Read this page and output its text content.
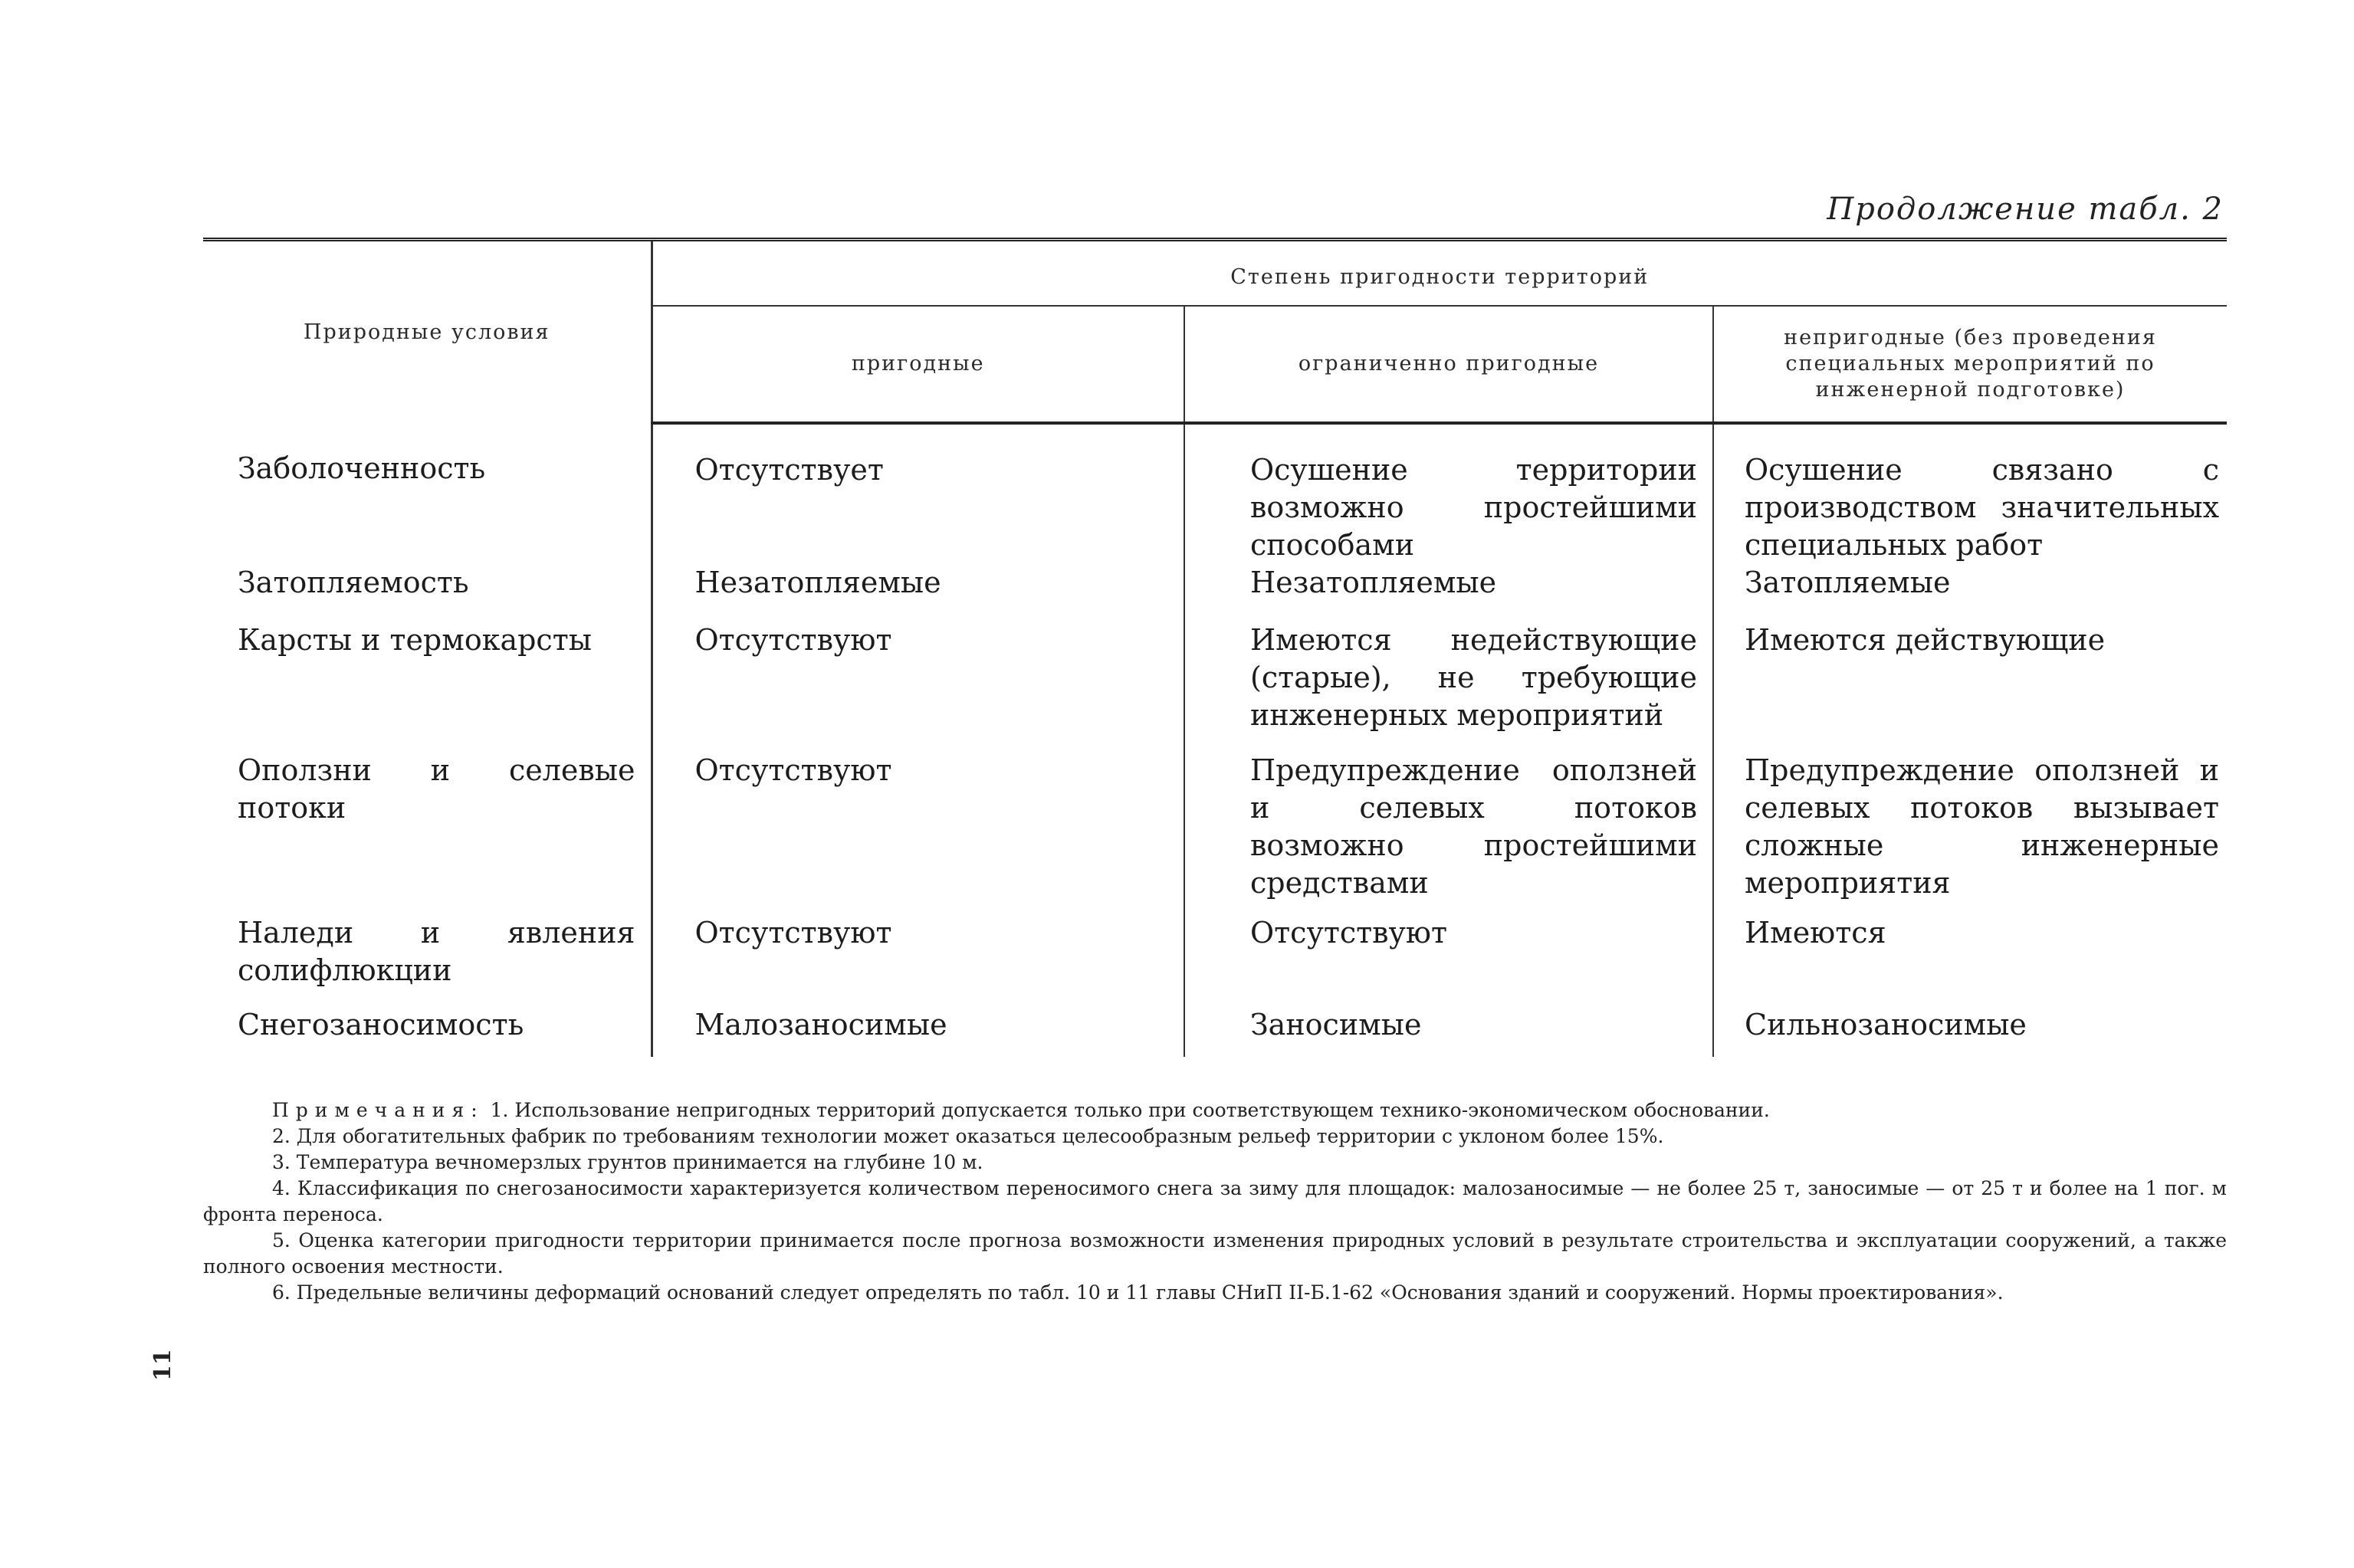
Продолжение табл. 2
Природные условия	Степень пригодности территорий		
	пригодные	ограниченно пригодные	непригодные (без проведения специальных мероприятий по инженерной подготовке)
Заболоченность	Отсутствует	Осушение территории возможно простейшими способами	Осушение связано с производством значительных специальных работ
Затопляемость	Незатопляемые	Незатопляемые	Затопляемые
Карсты и термокарсты	Отсутствуют	Имеются недействующие (старые), не требующие инженерных мероприятий	Имеются действующие
Оползни и селевые потоки	Отсутствуют	Предупреждение оползней и селевых потоков возможно простейшими средствами	Предупреждение оползней и селевых потоков вызывает сложные инженерные мероприятия
Наледи и явления солифлюкции	Отсутствуют	Отсутствуют	Имеются
Снегозаносимость	Малозаносимые	Заносимые	Сильнозаносимые

Примечания: 1. Использование непригодных территорий допускается только при соответствующем технико-экономическом обосновании.

2. Для обогатительных фабрик по требованиям технологии может оказаться целесообразным рельеф территории с уклоном более 15%.

3. Температура вечномерзлых грунтов принимается на глубине 10 м.

4. Классификация по снегозаносимости характеризуется количеством переносимого снега за зиму для площадок: малозаносимые — не более 25 т, заносимые — от 25 т и более на 1 пог. м фронта переноса.

5. Оценка категории пригодности территории принимается после прогноза возможности изменения природных условий в результате строительства и эксплуатации сооружений, а также полного освоения местности.

6. Предельные величины деформаций оснований следует определять по табл. 10 и 11 главы СНиП II-Б.1-62 «Основания зданий и сооружений. Нормы проектирования».

11
